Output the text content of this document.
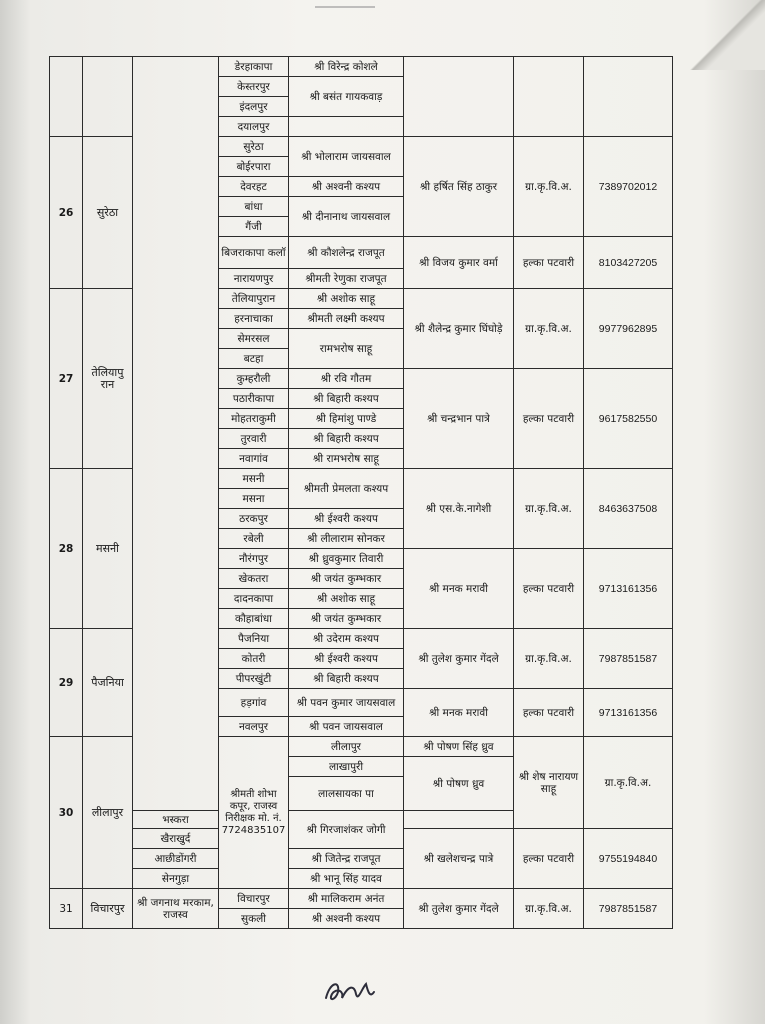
			डेरहाकापा	श्री विरेन्द्र कोशले				
			केस्तरपुर	श्री बसंत गायकवाड़				
			इंदलपुर					
			दयालपुर					
26	सुरेठा		सुरेठा	श्री भोलाराम जायसवाल	श्री हर्षित सिंह ठाकुर	ग्रा.कृ.वि.अ.	7389702012	
			बोईरपारा					
			देवरहट	श्री अश्वनी कश्यप				
			बांधा	श्री दीनानाथ जायसवाल				
			गैंजी					
			बिजराकापा कलॉ	श्री कौशलेन्द्र राजपूत	श्री विजय कुमार वर्मा	हल्का पटवारी	8103427205	

			नारायणपुर	श्रीमती रेणुका राजपूत				
27	तेलियापु रान		तेलियापुरान	श्री अशोक साहू	श्री शैलेन्द्र कुमार घिंघोड़े	ग्रा.कृ.वि.अ.	9977962895	
			हरनाचाका	श्रीमती लक्ष्मी कश्यप				
			सेमरसल	रामभरोष साहू				
			बटहा					
			कुम्हरौली	श्री रवि गौतम	श्री चन्द्रभान पात्रे	हल्का पटवारी	9617582550	
			पठारीकापा	श्री बिहारी कश्यप				
			मोहतराकुमी	श्री हिमांशु पाण्डे				
			तुरवारी	श्री बिहारी कश्यप				
			नवागांव	श्री रामभरोष साहू				
28	मसनी		मसनी	श्रीमती प्रेमलता कश्यप	श्री एस.के.नागेशी	ग्रा.कृ.वि.अ.	8463637508	
			मसना					
			ठरकपुर	श्री ईश्वरी कश्यप				
			रबेली	श्री लीलाराम सोनकर				
			नौरंगपुर	श्री ध्रुवकुमार तिवारी	श्री मनक मरावी	हल्का पटवारी	9713161356	
			खेकतरा	श्री जयंत कुम्भकार				
			दादनकापा	श्री अशोक साहू				
			कौहाबांधा	श्री जयंत कुम्भकार				
29	पैजनिया		पैजनिया	श्री उदेराम कश्यप	श्री तुलेश कुमार गेंदले	ग्रा.कृ.वि.अ.	7987851587	
			कोतरी	श्री ईश्वरी कश्यप				
			पीपरखुंटी	श्री बिहारी कश्यप				
			हड़गांव	श्री पवन कुमार जायसवाल	श्री मनक मरावी	हल्का पटवारी	9713161356	
			नवलपुर	श्री पवन जायसवाल				
30	लीलापुर		श्रीमती शोभा कपूर, राजस्व निरीक्षक मो. नं. 7724835107	लीलापुर	श्री पोषण सिंह ध्रुव	श्री शेष नारायण साहू	ग्रा.कृ.वि.अ.	
				लाखापुरी	श्री पोषण ध्रुव			
				लालसायका पा				
		भस्करा		श्री गिरजाशंकर जोगी				
		खैराखुर्द			श्री खलेशचन्द्र पात्रे	हल्का पटवारी	9755194840	
		आछीडोंगरी		श्री जितेन्द्र राजपूत				
		सेनगुड़ा		श्री भानू सिंह यादव				
31	विचारपुर	श्री जगनाथ मरकाम, राजस्व	विचारपुर	श्री मालिकराम अनंत	श्री तुलेश कुमार गेंदले	ग्रा.कृ.वि.अ.	7987851587	
			सुकली	श्री अश्वनी कश्यप				
